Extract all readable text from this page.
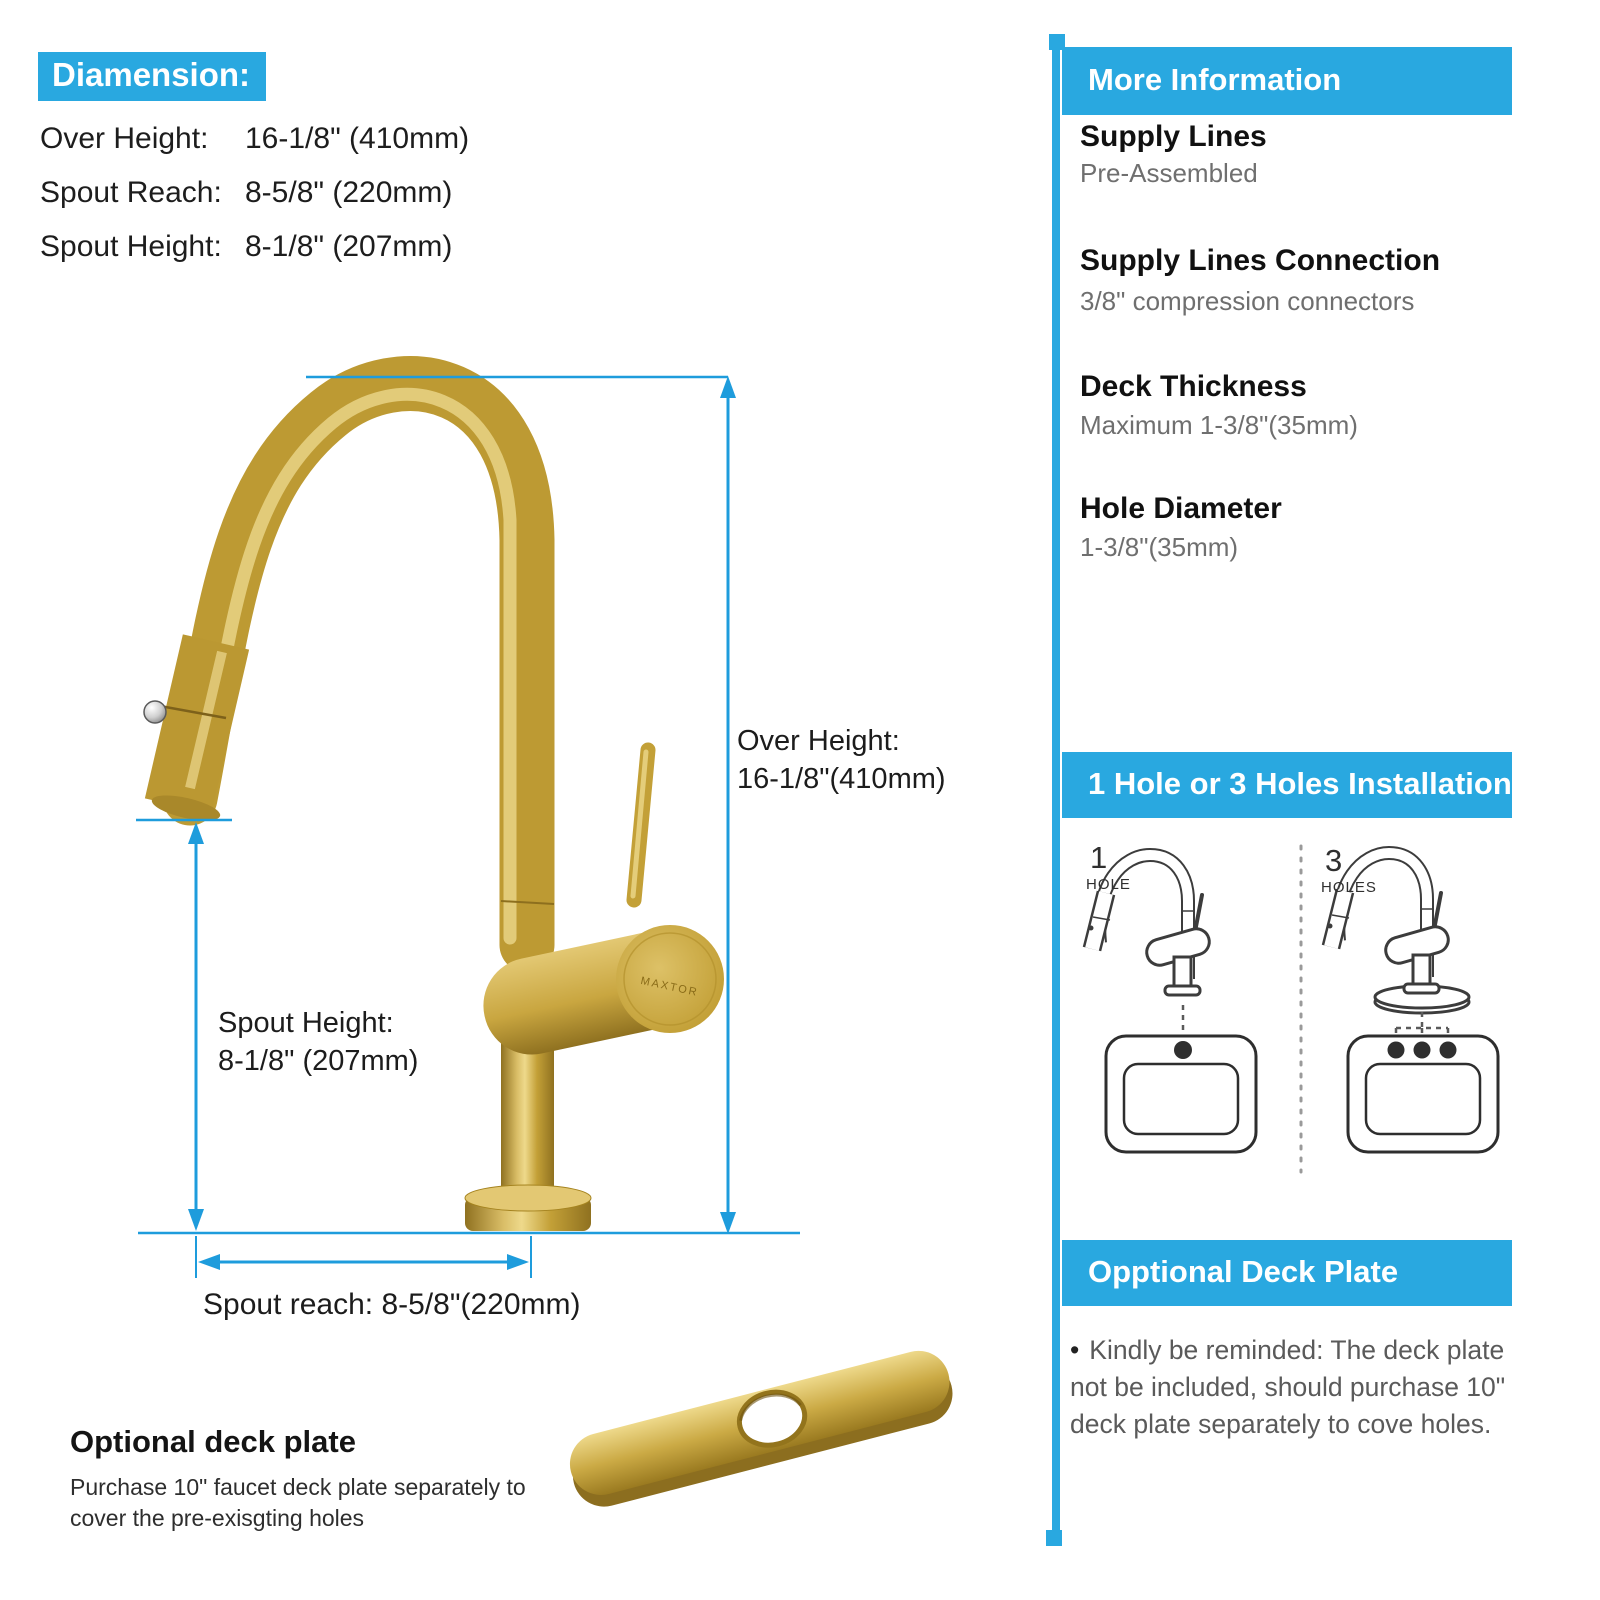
MAXTOR
Diamension:
Over Height: 16-1/8" (410mm)
Spout Reach: 8-5/8" (220mm)
Spout Height: 8-1/8" (207mm)
Over Height:
16-1/8"(410mm)
Spout Height:
8-1/8" (207mm)
Spout reach: 8-5/8"(220mm)
More Information
Supply Lines
Pre-Assembled
Supply Lines Connection
3/8" compression connectors
Deck Thickness
Maximum 1-3/8"(35mm)
Hole Diameter
1-3/8"(35mm)
1 Hole or 3 Holes Installation
1
HOLE
3
HOLES
Opptional Deck Plate
• Kindly be reminded: The deck plate not be included, should purchase 10" deck plate separately to cove holes.
Optional deck plate
Purchase 10" faucet deck plate separately to cover the pre-exisgting holes
